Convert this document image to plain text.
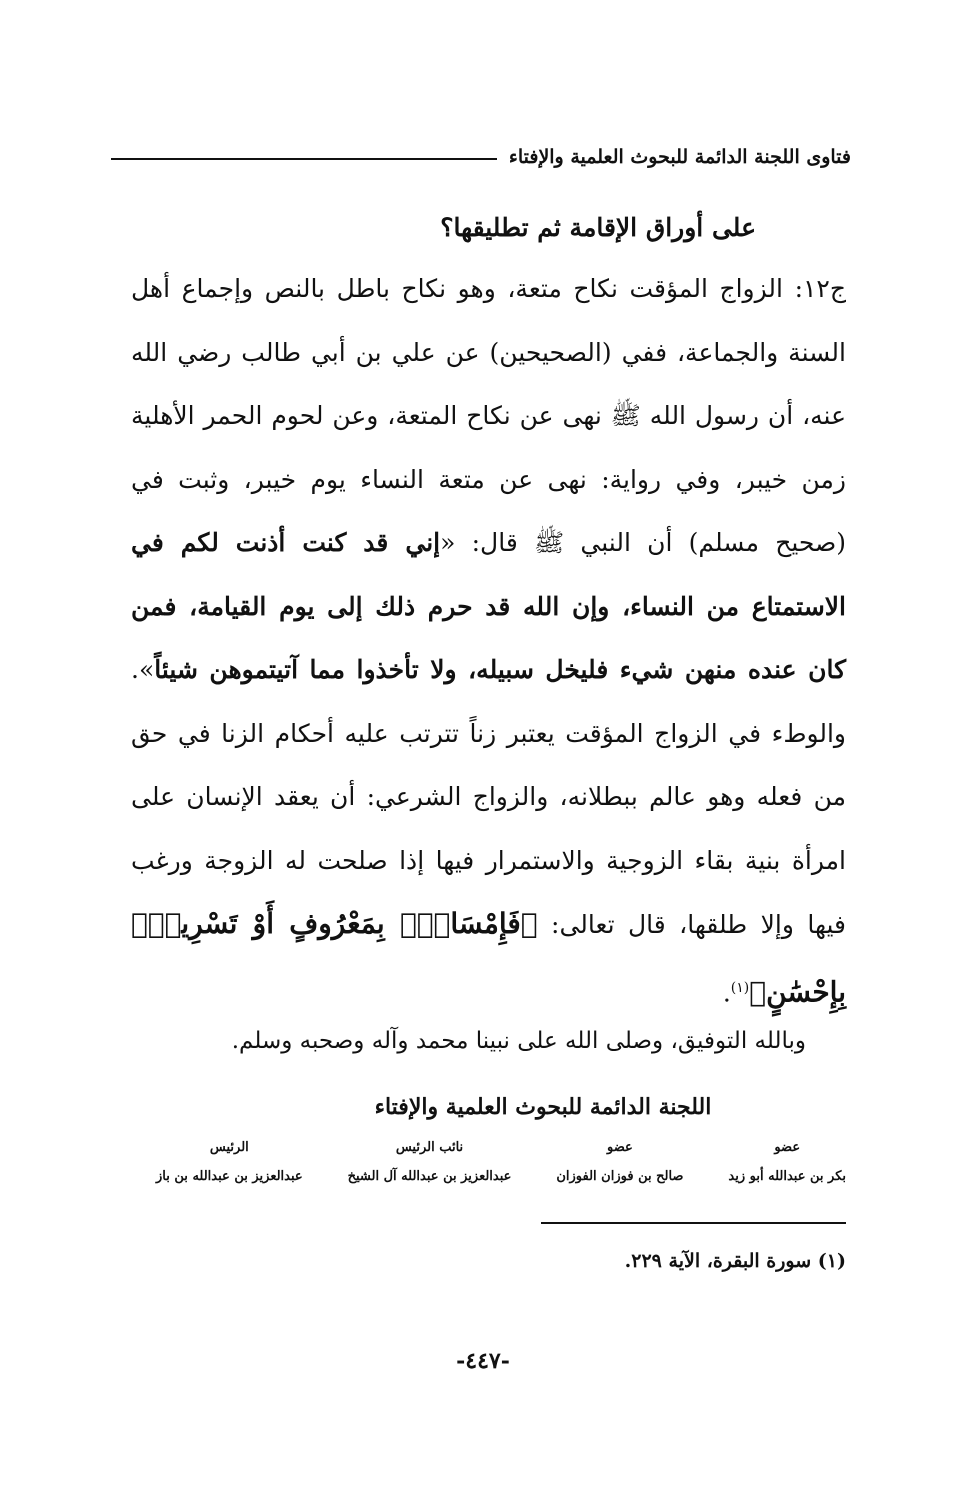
فتاوى اللجنة الدائمة للبحوث العلمية والإفتاء
على أوراق الإقامة ثم تطليقها؟

ج١٢: الزواج المؤقت نكاح متعة، وهو نكاح باطل بالنص وإجماع أهل السنة والجماعة، ففي (الصحيحين) عن علي بن أبي طالب رضي الله عنه، أن رسول الله ﷺ نهى عن نكاح المتعة، وعن لحوم الحمر الأهلية زمن خيبر، وفي رواية: نهى عن متعة النساء يوم خيبر، وثبت في (صحيح مسلم) أن النبي ﷺ قال: «إني قد كنت أذنت لكم في الاستمتاع من النساء، وإن الله قد حرم ذلك إلى يوم القيامة، فمن كان عنده منهن شيء فليخل سبيله، ولا تأخذوا مما آتيتموهن شيئاً». والوطء في الزواج المؤقت يعتبر زناً تترتب عليه أحكام الزنا في حق من فعله وهو عالم ببطلانه، والزواج الشرعي: أن يعقد الإنسان على امرأة بنية بقاء الزوجية والاستمرار فيها إذا صلحت له الزوجة ورغب فيها وإلا طلقها، قال تعالى: ﴿فَإِمْسَاكٌۢ بِمَعْرُوفٍ أَوْ تَسْرِيحٌۢ بِإِحْسَٰنٍ﴾$^{(١)}$.

وبالله التوفيق، وصلى الله على نبينا محمد وآله وصحبه وسلم.
اللجنة الدائمة للبحوث العلمية والإفتاء
عضو
بكر بن عبدالله أبو زيد
عضو
صالح بن فوزان الفوزان
نائب الرئيس
عبدالعزيز بن عبدالله آل الشيخ
الرئيس
عبدالعزيز بن عبدالله بن باز
(١) سورة البقرة، الآية ٢٢٩.
-٤٤٧-
